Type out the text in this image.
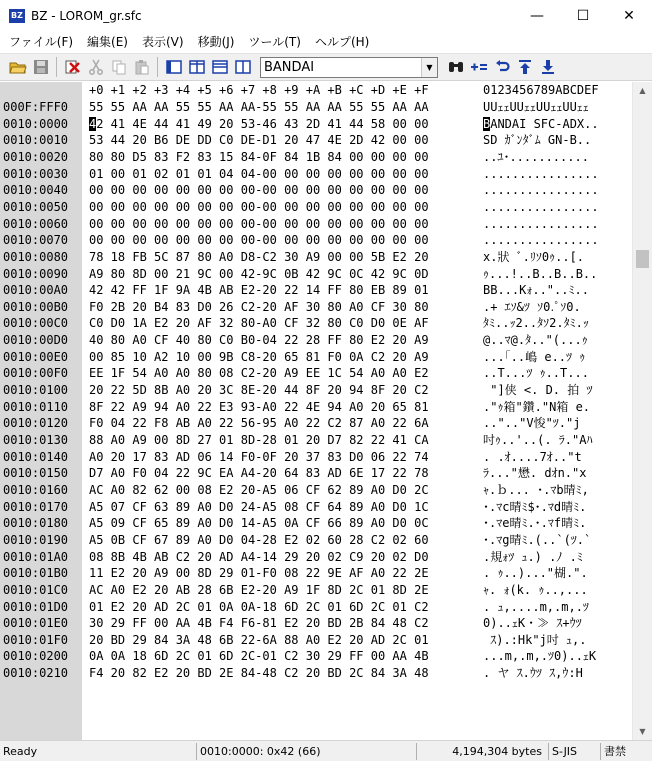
BZ BZ - LOROM_gr.sfc	—	☐	✕
ファイル(F)	編集(E)	表示(V)	移動(J)	ツール(T)	ヘルプ(H)
BANDAI	▼

+0 +1 +2 +3 +4 +5 +6 +7 +8 +9 +A +B +C +D +E +F

	0123456789ABCDEF

000F:FFF0 55 55 AA AA 55 55 AA AA-55 55 AA AA 55 55 AA AA	UUｪｪUUｪｪUUｪｪUUｪｪ
0010:0000 42 41 4E 44 41 49 20 53-46 43 2D 41 44 58 00 00	BANDAI SFC-ADX..
0010:0010 53 44 20 B6 DE DD C0 DE-D1 20 47 4E 2D 42 00 00	SD ｶﾞﾝﾀﾞﾑ GN-B..
0010:0020 80 80 D5 83 F2 83 15 84-0F 84 1B 84 00 00 00 00	..ﾕ･...........
0010:0030 01 00 01 02 01 01 04 04-00 00 00 00 00 00 00 00	................
0010:0040 00 00 00 00 00 00 00 00-00 00 00 00 00 00 00 00	................
0010:0050 00 00 00 00 00 00 00 00-00 00 00 00 00 00 00 00	................
0010:0060 00 00 00 00 00 00 00 00-00 00 00 00 00 00 00 00	................
0010:0070 00 00 00 00 00 00 00 00-00 00 00 00 00 00 00 00	................
0010:0080 78 18 FB 5C 87 80 A0 D8-C2 30 A9 00 00 5B E2 20	x.狀 ﾞ.ﾘｿ0ｩ..[.
0010:0090 A9 80 8D 00 21 9C 00 42-9C 0B 42 9C 0C 42 9C 0D	ｩ...!..B..B..B..
0010:00A0 42 42 FF 1F 9A 4B AB E2-20 22 14 FF 80 EB 89 01	BB...Kｫ.."..ﾐ..
0010:00B0 F0 2B 20 B4 83 D0 26 C2-20 AF 30 80 A0 CF 30 80	.+ ｴｿ&ﾂ ｿ0.ﾟｿ0.
0010:00C0 C0 D0 1A E2 20 AF 32 80-A0 CF 32 80 C0 D0 0E AF	ﾀﾐ..ｯ2..ﾀｿ2.ﾀﾐ.ｯ
0010:00D0 40 80 A0 CF 40 80 C0 B0-04 22 28 FF 80 E2 20 A9	@..ﾏ@.ﾀ.."(...ｩ
0010:00E0 00 85 10 A2 10 00 9B C8-20 65 81 F0 0A C2 20 A9	...｢..嶋 e..ﾂ ｩ
0010:00F0 EE 1F 54 A0 A0 80 08 C2-20 A9 EE 1C 54 A0 A0 E2	..T...ﾂ ｩ..T...
0010:0100 20 22 5D 8B A0 20 3C 8E-20 44 8F 20 94 8F 20 C2	"]侠 <. D. 拍 ﾂ
0010:0110 8F 22 A9 94 A0 22 E3 93-A0 22 4E 94 A0 20 65 81	."ｩ箱"鑽."N箱 e.
0010:0120 F0 04 22 F8 AB A0 22 56-95 A0 22 C2 87 A0 22 6A	..".."V悛"ﾂ."j
0010:0130 88 A0 A9 00 8D 27 01 8D-28 01 20 D7 82 22 41 CA	吋ｩ..'..(. ﾗ."Aﾊ
0010:0140 A0 20 17 83 AD 06 14 F0-0F 20 37 83 D0 06 22 74	. .ｵ....7ｵ.."t
0010:0150 D7 A0 F0 04 22 9C EA A4-20 64 83 AD 6E 17 22 78	ﾗ..."懋. dｵn."x
0010:0160 AC A0 82 62 00 08 E2 20-A5 06 CF 62 89 A0 D0 2C	ｬ.ｂ... ･.ﾏb晴ﾐ,
0010:0170 A5 07 CF 63 89 A0 D0 24-A5 08 CF 64 89 A0 D0 1C	･.ﾏc晴ﾐ$･.ﾏd晴ﾐ.
0010:0180 A5 09 CF 65 89 A0 D0 14-A5 0A CF 66 89 A0 D0 0C	･.ﾏe晴ﾐ.･.ﾏf晴ﾐ.
0010:0190 A5 0B CF 67 89 A0 D0 04-28 E2 02 60 28 C2 02 60	･.ﾏg晴ﾐ.(..`(ﾂ.`
0010:01A0 08 8B 4B AB C2 20 AD A4-14 29 20 02 C9 20 02 D0	.規ｫﾂ ｭ.) .ﾉ .ﾐ
0010:01B0 11 E2 20 A9 00 8D 29 01-F0 08 22 9E AF A0 22 2E	. ｩ..)..."楜.".
0010:01C0 AC A0 E2 20 AB 28 6B E2-20 A9 1F 8D 2C 01 8D 2E	ｬ. ｫ(k. ｩ..,...
0010:01D0 01 E2 20 AD 2C 01 0A 0A-18 6D 2C 01 6D 2C 01 C2	. ｭ,....m,.m,.ﾂ
0010:01E0 30 29 FF 00 AA 4B F4 F6-81 E2 20 BD 2B 84 48 C2	0)..ｪK・≫ ｽ+ｳﾂ
0010:01F0 20 BD 29 84 3A 48 6B 22-6A 88 A0 E2 20 AD 2C 01	ｽ).:Hk"j吋 ｭ,.
0010:0200 0A 0A 18 6D 2C 01 6D 2C-01 C2 30 29 FF 00 AA 4B	...m,.m,.ﾂ0)..ｪK
0010:0210 F4 20 82 E2 20 BD 2E 84-48 C2 20 BD 2C 84 3A 48	. ヤ ｽ.ｳﾂ ｽ,ｳ:H
▲
▼
Ready	0010:0000: 0x42 (66)	4,194,304 bytes S-JIS	書禁
